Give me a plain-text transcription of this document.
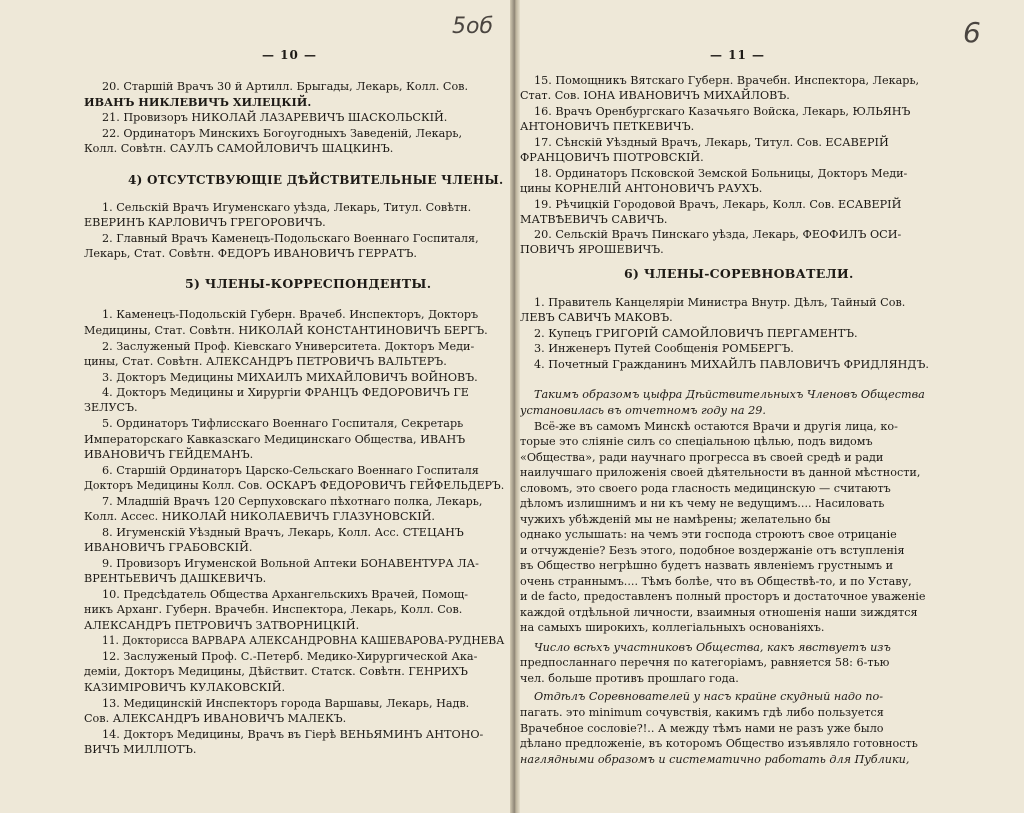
5об	6
— 10 —
20. Старшій Врачъ 30 й Артилл. Брыгады, Лекарь, Колл. Сов.
ИВАНЪ НИКЛЕВИЧЪ ХИЛЕЦКІЙ.
21. Провизоръ НИКОЛАЙ ЛАЗАРЕВИЧЪ ШАСКОЛЬСКІЙ.
22. Ординаторъ Минскихъ Богоугодныхъ Заведеній, Лекарь,
Колл. Совѣтн. САУЛЪ САМОЙЛОВИЧЪ ШАЦКИНЪ.
4) ОТСУТСТВУЮЩІЕ ДѢЙСТВИТЕЛЬНЫЕ ЧЛЕНЫ.
1. Сельскій Врачъ Игуменскаго уѣзда, Лекарь, Титул. Совѣтн.
ЕВЕРИНЪ КАРЛОВИЧЪ ГРЕГОРОВИЧЪ.
2. Главный Врачъ Каменецъ-Подольскаго Военнаго Госпиталя,
Лекарь, Стат. Совѣтн. ФЕДОРЪ ИВАНОВИЧЪ ГЕРРАТЪ.
5) ЧЛЕНЫ-КОРРЕСПОНДЕНТЫ.
1. Каменецъ-Подольскій Губерн. Врачеб. Инспекторъ, Докторъ
Медицины, Стат. Совѣтн. НИКОЛАЙ КОНСТАНТИНОВИЧЪ БЕРГЪ.
2. Заслуженый Проф. Кіевскаго Университета. Докторъ Меди-
цины, Стат. Совѣтн. АЛЕКСАНДРЪ ПЕТРОВИЧЪ ВАЛЬТЕРЪ.
3. Докторъ Медицины МИХАИЛЪ МИХАЙЛОВИЧЪ ВОЙНОВЪ.
4. Докторъ Медицины и Хирургіи ФРАНЦЪ ФЕДОРОВИЧЪ ГЕ
ЗЕЛУСЪ.
5. Ординаторъ Тифлисскаго Военнаго Госпиталя, Секретарь
Императорскаго Кавказскаго Медицинскаго Общества, ИВАНЪ
ИВАНОВИЧЪ ГЕЙДЕМАНЪ.
6. Старшій Ординаторъ Царско-Сельскаго Военнаго Госпиталя
Докторъ Медицины Колл. Сов. ОСКАРЪ ФЕДОРОВИЧЪ ГЕЙФЕЛЬДЕРЪ.
7. Младшій Врачъ 120 Серпуховскаго пѣхотнаго полка, Лекарь,
Колл. Ассес. НИКОЛАЙ НИКОЛАЕВИЧЪ ГЛАЗУНОВСКІЙ.
8. Игуменскій Уѣздный Врачъ, Лекарь, Колл. Асс. СТЕЦАНЪ
ИВАНОВИЧЪ ГРАБОВСКІЙ.
9. Провизоръ Игуменской Вольной Аптеки БОНАВЕНТУРА ЛА-
ВРЕНТЬЕВИЧЪ ДАШКЕВИЧЪ.
10. Предсѣдатель Общества Архангельскихъ Врачей, Помощ-
никъ Арханг. Губерн. Врачебн. Инспектора, Лекарь, Колл. Сов.
АЛЕКСАНДРЪ ПЕТРОВИЧЪ ЗАТВОРНИЦКІЙ.
11. Докторисса ВАРВАРА АЛЕКСАНДРОВНА КАШЕВАРОВА-РУДНЕВА
12. Заслуженый Проф. С.-Петерб. Медико-Хирургической Ака-
деміи, Докторъ Медицины, Дѣйствит. Статск. Совѣтн. ГЕНРИХЪ
КАЗИМІРОВИЧЪ КУЛАКОВСКІЙ.
13. Медицинскій Инспекторъ города Варшавы, Лекарь, Надв.
Сов. АЛЕКСАНДРЪ ИВАНОВИЧЪ МАЛЕКЪ.
14. Докторъ Медицины, Врачъ въ Гіерѣ ВЕНЬЯМИНЪ АНТОНО-
ВИЧЪ МИЛЛІОТЪ.
— 11 —
15. Помощникъ Вятскаго Губерн. Врачебн. Инспектора, Лекарь,
Стат. Сов. ІОНА ИВАНОВИЧЪ МИХАЙЛОВЪ.
16. Врачъ Оренбургскаго Казачьяго Войска, Лекарь, ЮЛЬЯНЪ
АНТОНОВИЧЪ ПЕТКЕВИЧЪ.
17. Сѣнскій Уѣздный Врачъ, Лекарь, Титул. Сов. ЕСАВЕРІЙ
ФРАНЦОВИЧЪ ПІОТРОВСКІЙ.
18. Ординаторъ Псковской Земской Больницы, Докторъ Меди-
цины КОРНЕЛІЙ АНТОНОВИЧЪ РАУХЪ.
19. Рѣчицкій Городовой Врачъ, Лекарь, Колл. Сов. ЕСАВЕРІЙ
МАТВѢЕВИЧЪ САВИЧЪ.
20. Сельскій Врачъ Пинскаго уѣзда, Лекарь, ФЕОФИЛЪ ОСИ-
ПОВИЧЪ ЯРОШЕВИЧЪ.
6) ЧЛЕНЫ-СОРЕВНОВАТЕЛИ.
1. Правитель Канцеляріи Министра Внутр. Дѣлъ, Тайный Сов.
ЛЕВЪ САВИЧЪ МАКОВЪ.
2. Купецъ ГРИГОРІЙ САМОЙЛОВИЧЪ ПЕРГАМЕНТЪ.
3. Инженеръ Путей Сообщенія РОМБЕРГЪ.
4. Почетный Гражданинъ МИХАЙЛЪ ПАВЛОВИЧЪ ФРИДЛЯНДЪ.
Такимъ образомъ цыфра Дѣйствительныхъ Членовъ Общества
установилась въ отчетномъ году на 29.
Всё-же въ самомъ Минскѣ остаются Врачи и другія лица, ко-
торые это сліяніе силъ со спеціальною цѣлью, подъ видомъ
«Общества», ради научнаго прогресса въ своей средѣ и ради
наилучшаго приложенія своей дѣятельности въ данной мѣстности,
словомъ, это своего рода гласность медицинскую — считаютъ
дѣломъ излишнимъ и ни къ чему не ведущимъ.... Насиловать
чужихъ убѣжденій мы не намѣрены; желательно бы
однако услышать: на чемъ эти господа строютъ свое отрицаніе
и отчужденіе? Безъ этого, подобное воздержаніе отъ вступленія
въ Общество негрѣшно будетъ назвать явленіемъ грустнымъ и
очень страннымъ.... Тѣмъ болѣе, что въ Обществѣ-то, и по Уставу,
и de facto, предоставленъ полный просторъ и достаточное уваженіе
каждой отдѣльной личности, взаимныя отношенія наши зиждятся
на самыхъ широкихъ, коллегіальныхъ основаніяхъ.
Число всѣхъ участниковъ Общества, какъ явствуетъ изъ
предпосланнаго перечня по категоріамъ, равняется 58: 6-тью
чел. больше противъ прошлаго года.
Отдѣлъ Соревнователей у насъ крайне скудный надо по-
пагать. это minimum сочувствія, какимъ гдѣ либо пользуется
Врачебное сословіе?!.. А между тѣмъ нами не разъ уже было
дѣлано предложеніе, въ которомъ Общество изъявляло готовность
наглядными образомъ и систематично работать для Публики,
